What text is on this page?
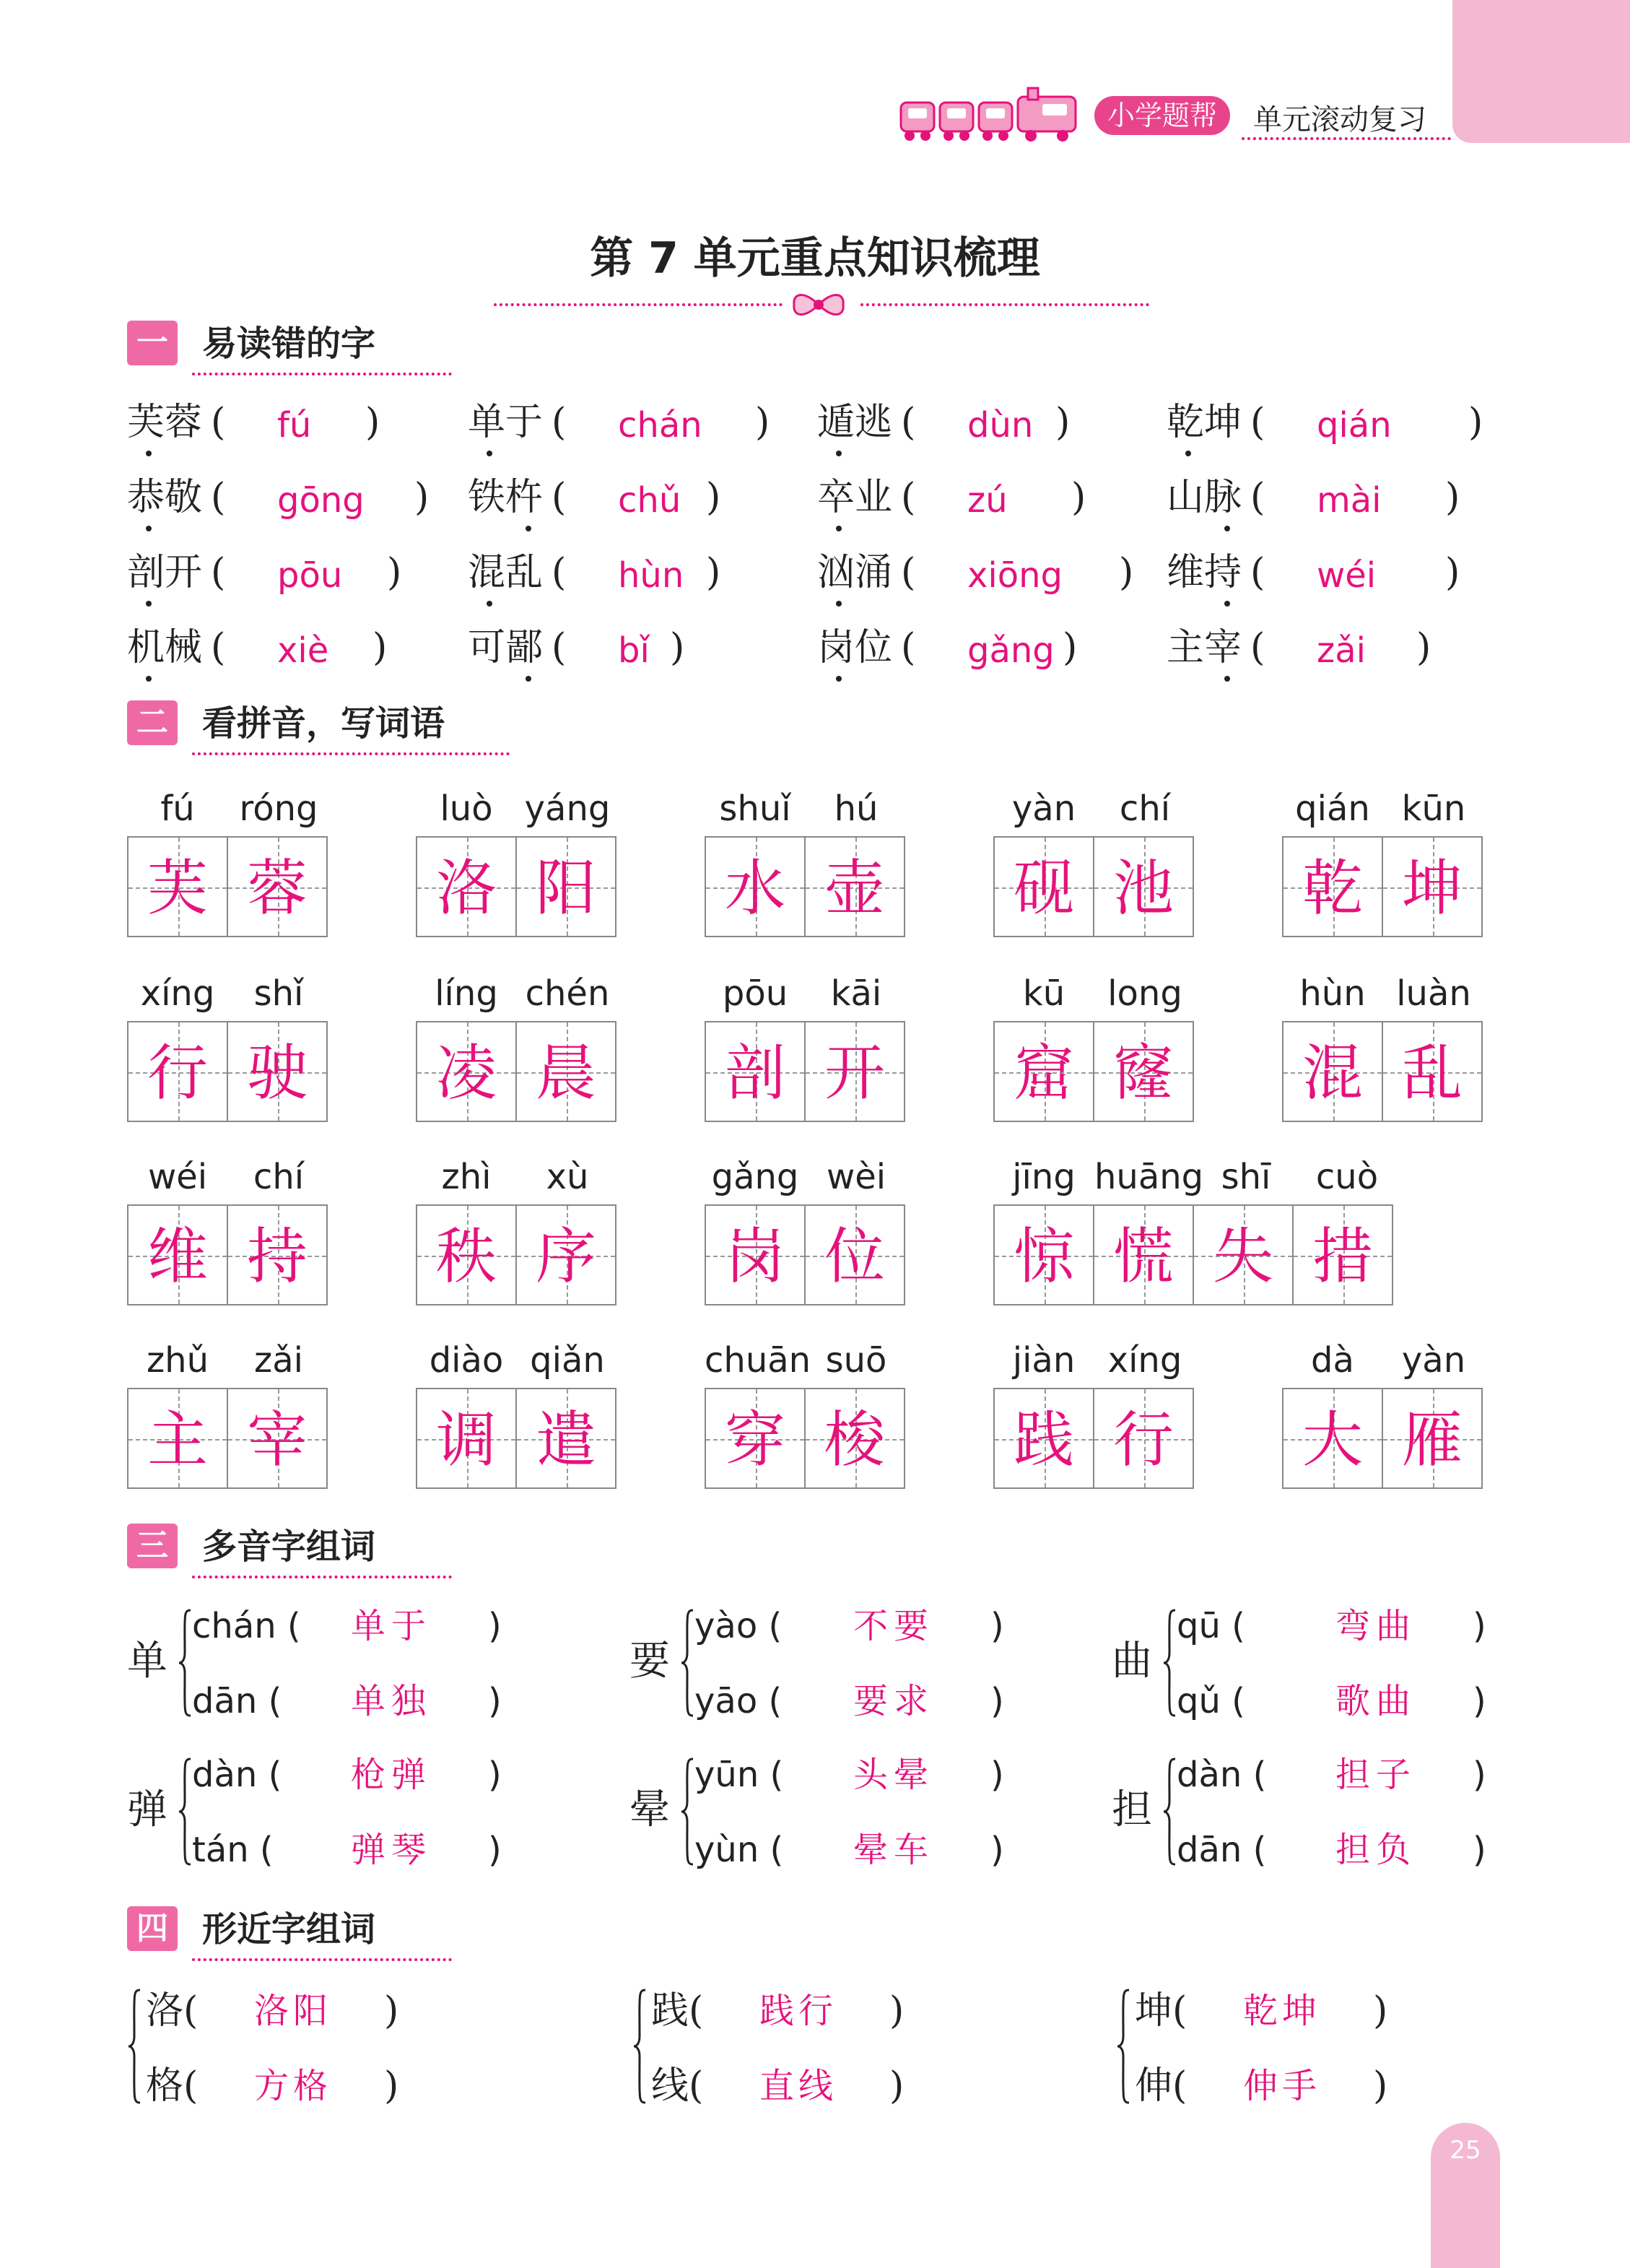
小学题帮	单元滚动复习
第 7 单元重点知识梳理
一 易读错的字
芙蓉 ( fú ) 单于 ( chán ) 遁逃 ( dùn )	乾坤 ( qián )
恭敬 ( gōng ) 铁杵 ( chǔ )	卒业 ( zú ) 山脉 ( mài )
剖开 ( pōu ) 混乱 ( hùn )	汹涌 ( xiōng ) 维持 ( wéi )
机械 ( xiè ) 可鄙 ( bǐ )	岗位 ( gǎng ) 主宰 ( zǎi )
二 看拼音，写词语
fú	róng
芙 蓉
luò yáng
洛 阳
shuǐ	hú
水 壶
yàn	chí
砚 池
qián kūn
乾 坤
xíng	shǐ
行 驶
líng chén
凌 晨
pōu	kāi
剖 开
kū	long
窟 窿
hùn luàn
混 乱
wéi	chí
维 持
zhì	xù
秩 序
gǎng wèi
岗 位
jīng huāng shī	cuò
惊 慌 失 措
zhǔ	zǎi
主 宰
diào qiǎn
调 遣
chuān suō
穿 梭
jiàn xíng
践 行
dà	yàn
大 雁
三 多音字组词
单
chán ( 单于 )
dān ( 单独 )
要
yào ( 不要 )
yāo ( 要求 )
曲
qū (	弯曲 )
qǔ (	歌曲 )
弹
dàn ( 枪弹 )
tán ( 弹琴 )
晕
yūn ( 头晕 )
yùn ( 晕车 )
担
dàn ( 担子 )
dān ( 担负 )
四 形近字组词
洛( 洛阳 )
格( 方格 )
践( 践行 )
线( 直线 )
坤( 乾坤 )
伸( 伸手 )
25
